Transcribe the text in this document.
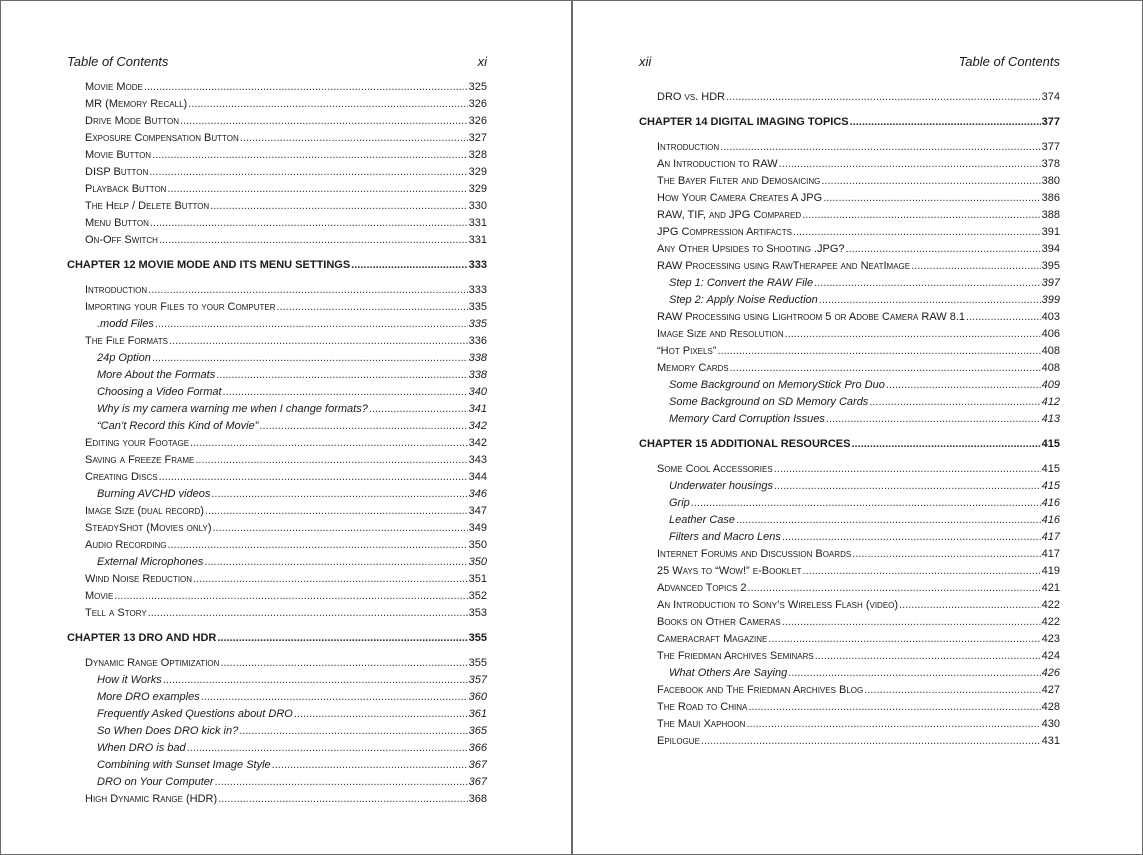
Table of Contents	xi
Movie Mode .....	325
MR (Memory Recall) .....	326
Drive Mode Button .....	326
Exposure Compensation Button .....	327
Movie Button .....	328
DISP Button .....	329
Playback Button .....	329
The Help / Delete Button .....	330
Menu Button .....	331
On-Off Switch .....	331
CHAPTER 12 MOVIE MODE AND ITS MENU SETTINGS .....	333
Introduction .....	333
Importing your Files to your Computer .....	335
.modd Files .....	335
The File Formats .....	336
24p Option .....	338
More About the Formats .....	338
Choosing a Video Format .....	340
Why is my camera warning me when I change formats? .....	341
“Can’t Record this Kind of Movie” .....	342
Editing your Footage .....	342
Saving a Freeze Frame .....	343
Creating Discs .....	344
Burning AVCHD videos .....	346
Image Size (dual record) .....	347
SteadyShot (Movies only) .....	349
Audio Recording .....	350
External Microphones .....	350
Wind Noise Reduction .....	351
Movie .....	352
Tell a Story .....	353
CHAPTER 13 DRO AND HDR .....	355
Dynamic Range Optimization .....	355
How it Works .....	357
More DRO examples .....	360
Frequently Asked Questions about DRO .....	361
So When Does DRO kick in? .....	365
When DRO is bad .....	366
Combining with Sunset Image Style .....	367
DRO on Your Computer .....	367
High Dynamic Range (HDR) .....	368
xii	Table of Contents
DRO vs. HDR .....	374
CHAPTER 14 DIGITAL IMAGING TOPICS .....	377
Introduction .....	377
An Introduction to RAW .....	378
The Bayer Filter and Demosaicing .....	380
How Your Camera Creates A JPG .....	386
RAW, TIF, and JPG Compared .....	388
JPG Compression Artifacts .....	391
Any Other Upsides to Shooting .JPG? .....	394
RAW Processing using RawTherapee and NeatImage .....	395
Step 1: Convert the RAW File .....	397
Step 2: Apply Noise Reduction .....	399
RAW Processing using Lightroom 5 or Adobe Camera RAW 8.1 .....	403
Image Size and Resolution .....	406
“Hot Pixels” .....	408
Memory Cards .....	408
Some Background on MemoryStick Pro Duo .....	409
Some Background on SD Memory Cards .....	412
Memory Card Corruption Issues .....	413
CHAPTER 15 ADDITIONAL RESOURCES .....	415
Some Cool Accessories .....	415
Underwater housings .....	415
Grip .....	416
Leather Case .....	416
Filters and Macro Lens .....	417
Internet Forums and Discussion Boards .....	417
25 Ways to “Wow!” e-Booklet .....	419
Advanced Topics 2 .....	421
An Introduction to Sony’s Wireless Flash (video) .....	422
Books on Other Cameras .....	422
Cameracraft Magazine .....	423
The Friedman Archives Seminars .....	424
What Others Are Saying .....	426
Facebook and The Friedman Archives Blog .....	427
The Road to China .....	428
The Maui Xaphoon .....	430
Epilogue .....	431
